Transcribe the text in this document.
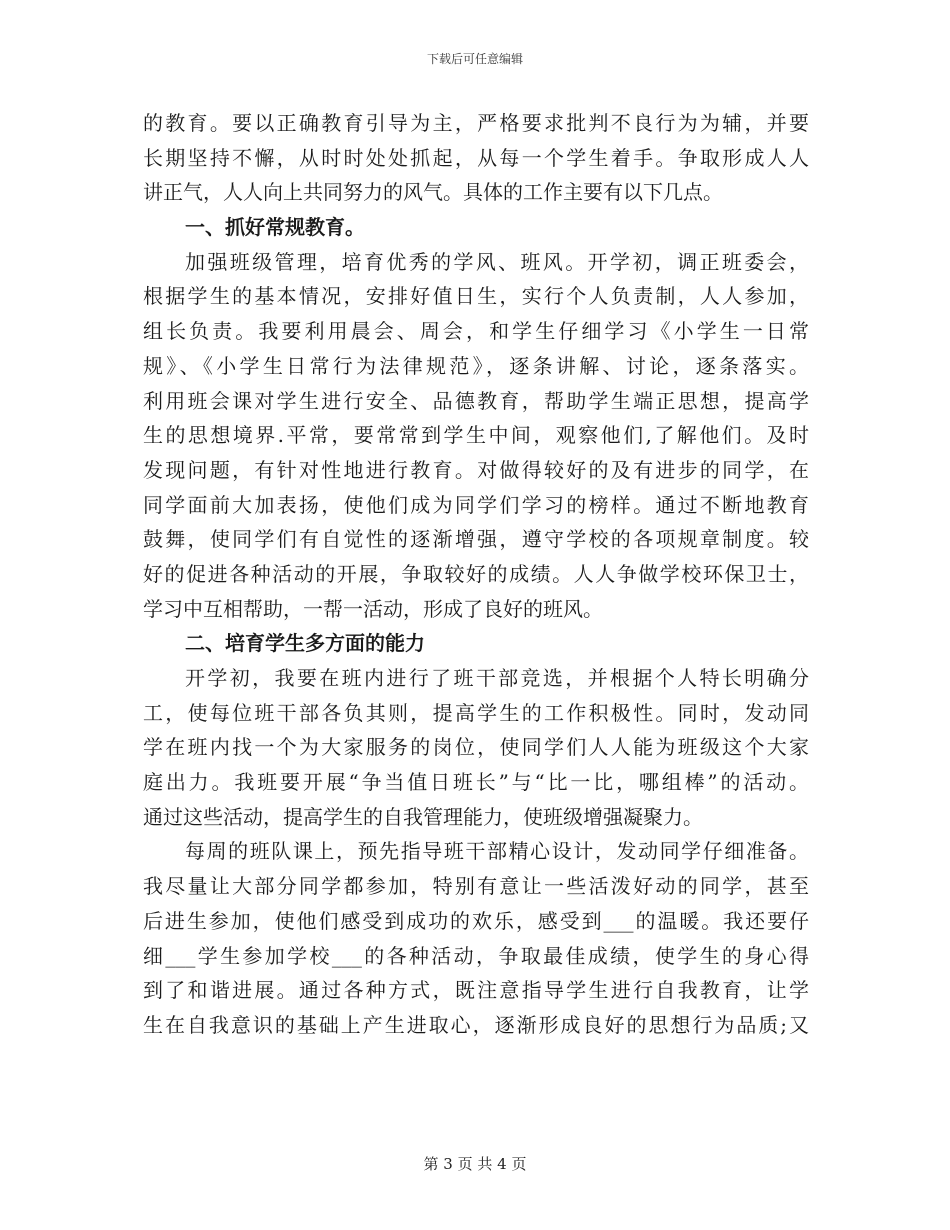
下载后可任意编辑
的教育。要以正确教育引导为主，严格要求批判不良行为为辅，并要
长期坚持不懈，从时时处处抓起，从每一个学生着手。争取形成人人
讲正气，人人向上共同努力的风气。具体的工作主要有以下几点。
一、抓好常规教育。
加强班级管理，培育优秀的学风、班风。开学初，调正班委会，
根据学生的基本情况，安排好值日生，实行个人负责制，人人参加，
组长负责。我要利用晨会、周会，和学生仔细学习《小学生一日常
规》、《小学生日常行为法律规范》，逐条讲解、讨论，逐条落实。
利用班会课对学生进行安全、品德教育，帮助学生端正思想，提高学
生的思想境界.平常，要常常到学生中间，观察他们,了解他们。及时
发现问题，有针对性地进行教育。对做得较好的及有进步的同学，在
同学面前大加表扬，使他们成为同学们学习的榜样。通过不断地教育
鼓舞，使同学们有自觉性的逐渐增强，遵守学校的各项规章制度。较
好的促进各种活动的开展，争取较好的成绩。人人争做学校环保卫士，
学习中互相帮助，一帮一活动，形成了良好的班风。
二、培育学生多方面的能力
开学初，我要在班内进行了班干部竞选，并根据个人特长明确分
工，使每位班干部各负其则，提高学生的工作积极性。同时，发动同
学在班内找一个为大家服务的岗位，使同学们人人能为班级这个大家
庭出力。我班要开展“争当值日班长”与“比一比，哪组棒”的活动。
通过这些活动，提高学生的自我管理能力，使班级增强凝聚力。
每周的班队课上，预先指导班干部精心设计，发动同学仔细准备。
我尽量让大部分同学都参加，特别有意让一些活泼好动的同学，甚至
后进生参加，使他们感受到成功的欢乐，感受到___的温暖。我还要仔
细___学生参加学校___的各种活动，争取最佳成绩，使学生的身心得
到了和谐进展。通过各种方式，既注意指导学生进行自我教育，让学
生在自我意识的基础上产生进取心，逐渐形成良好的思想行为品质;又
第 3 页 共 4 页
